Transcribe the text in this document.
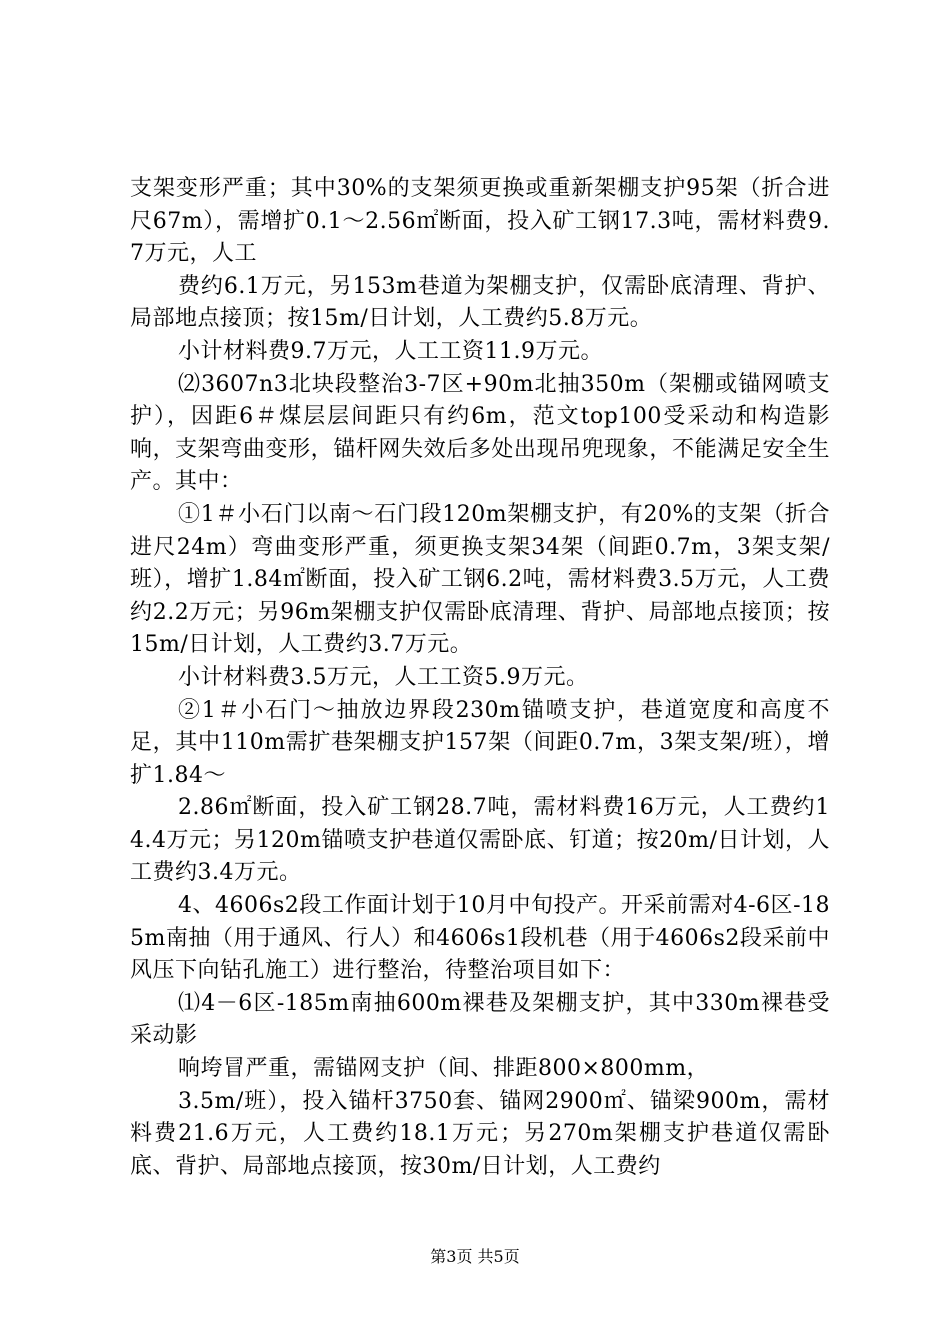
支架变形严重；其中30%的支架须更换或重新架棚支护95架（折合进尺67m），需增扩0.1～2.56㎡断面，投入矿工钢17.3吨，需材料费9.7万元，人工

费约6.1万元，另153m巷道为架棚支护，仅需卧底清理、背护、局部地点接顶；按15m/日计划，人工费约5.8万元。

小计材料费9.7万元，人工工资11.9万元。

⑵3607n3北块段整治3-7区+90m北抽350m（架棚或锚网喷支护），因距6＃煤层层间距只有约6m，范文top100受采动和构造影响，支架弯曲变形，锚杆网失效后多处出现吊兜现象，不能满足安全生产。其中：

①1＃小石门以南～石门段120m架棚支护，有20%的支架（折合进尺24m）弯曲变形严重，须更换支架34架（间距0.7m，3架支架/班），增扩1.84㎡断面，投入矿工钢6.2吨，需材料费3.5万元，人工费约2.2万元；另96m架棚支护仅需卧底清理、背护、局部地点接顶；按15m/日计划，人工费约3.7万元。

小计材料费3.5万元，人工工资5.9万元。

②1＃小石门～抽放边界段230m锚喷支护，巷道宽度和高度不足，其中110m需扩巷架棚支护157架（间距0.7m，3架支架/班），增扩1.84～

2.86㎡断面，投入矿工钢28.7吨，需材料费16万元，人工费约14.4万元；另120m锚喷支护巷道仅需卧底、钉道；按20m/日计划，人工费约3.4万元。

4、4606s2段工作面计划于10月中旬投产。开采前需对4-6区-185m南抽（用于通风、行人）和4606s1段机巷（用于4606s2段采前中风压下向钻孔施工）进行整治，待整治项目如下：

⑴4－6区-185m南抽600m裸巷及架棚支护，其中330m裸巷受采动影

响垮冒严重，需锚网支护（间、排距800×800mm，

3.5m/班），投入锚杆3750套、锚网2900㎡、锚梁900m，需材料费21.6万元，人工费约18.1万元；另270m架棚支护巷道仅需卧底、背护、局部地点接顶，按30m/日计划，人工费约

第3页 共5页
